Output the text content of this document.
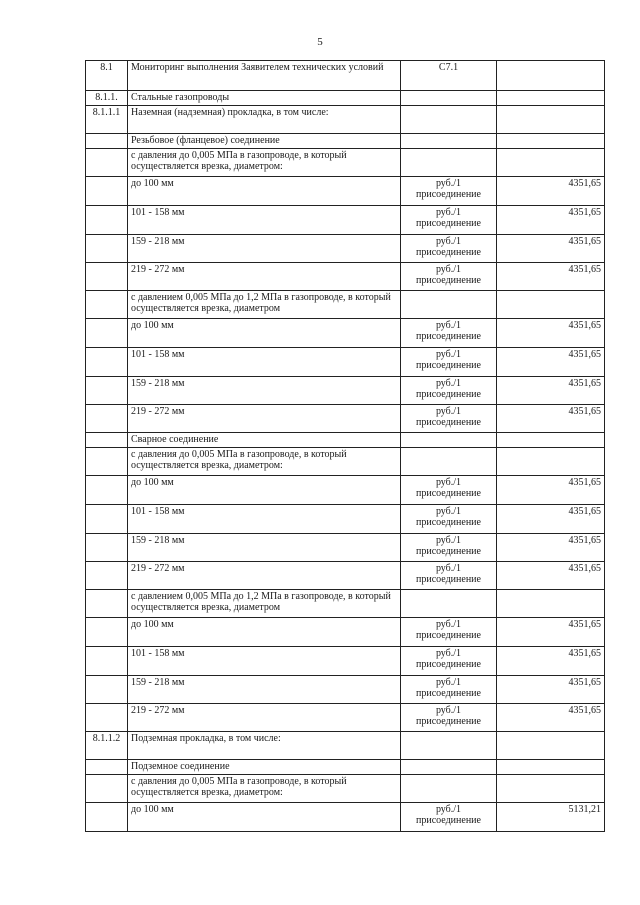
5
8.1	Мониторинг выполнения Заявителем технических условий	С7.1	
8.1.1.	Стальные газопроводы		
8.1.1.1	Наземная (надземная) прокладка, в том числе:		
	Резьбовое (фланцевое) соединение		
	с давления до 0,005 МПа в газопроводе, в который осуществляется врезка, диаметром:		
	до 100 мм	руб./1 присоединение	4351,65
	101 - 158 мм	руб./1 присоединение	4351,65
	159 - 218 мм	руб./1 присоединение	4351,65
	219 - 272 мм	руб./1 присоединение	4351,65
	с давлением 0,005 МПа до 1,2 МПа в газопроводе, в который осуществляется врезка, диаметром		
	до 100 мм	руб./1 присоединение	4351,65
	101 - 158 мм	руб./1 присоединение	4351,65
	159 - 218 мм	руб./1 присоединение	4351,65
	219 - 272 мм	руб./1 присоединение	4351,65
	Сварное соединение		
	с давления до 0,005 МПа в газопроводе, в который осуществляется врезка, диаметром:		
	до 100 мм	руб./1 присоединение	4351,65
	101 - 158 мм	руб./1 присоединение	4351,65
	159 - 218 мм	руб./1 присоединение	4351,65
	219 - 272 мм	руб./1 присоединение	4351,65
	с давлением 0,005 МПа до 1,2 МПа в газопроводе, в который осуществляется врезка, диаметром		
	до 100 мм	руб./1 присоединение	4351,65
	101 - 158 мм	руб./1 присоединение	4351,65
	159 - 218 мм	руб./1 присоединение	4351,65
	219 - 272 мм	руб./1 присоединение	4351,65
8.1.1.2	Подземная прокладка, в том числе:		
	Подземное соединение		
	с давления до 0,005 МПа в газопроводе, в который осуществляется врезка, диаметром:		
	до 100 мм	руб./1 присоединение	5131,21
